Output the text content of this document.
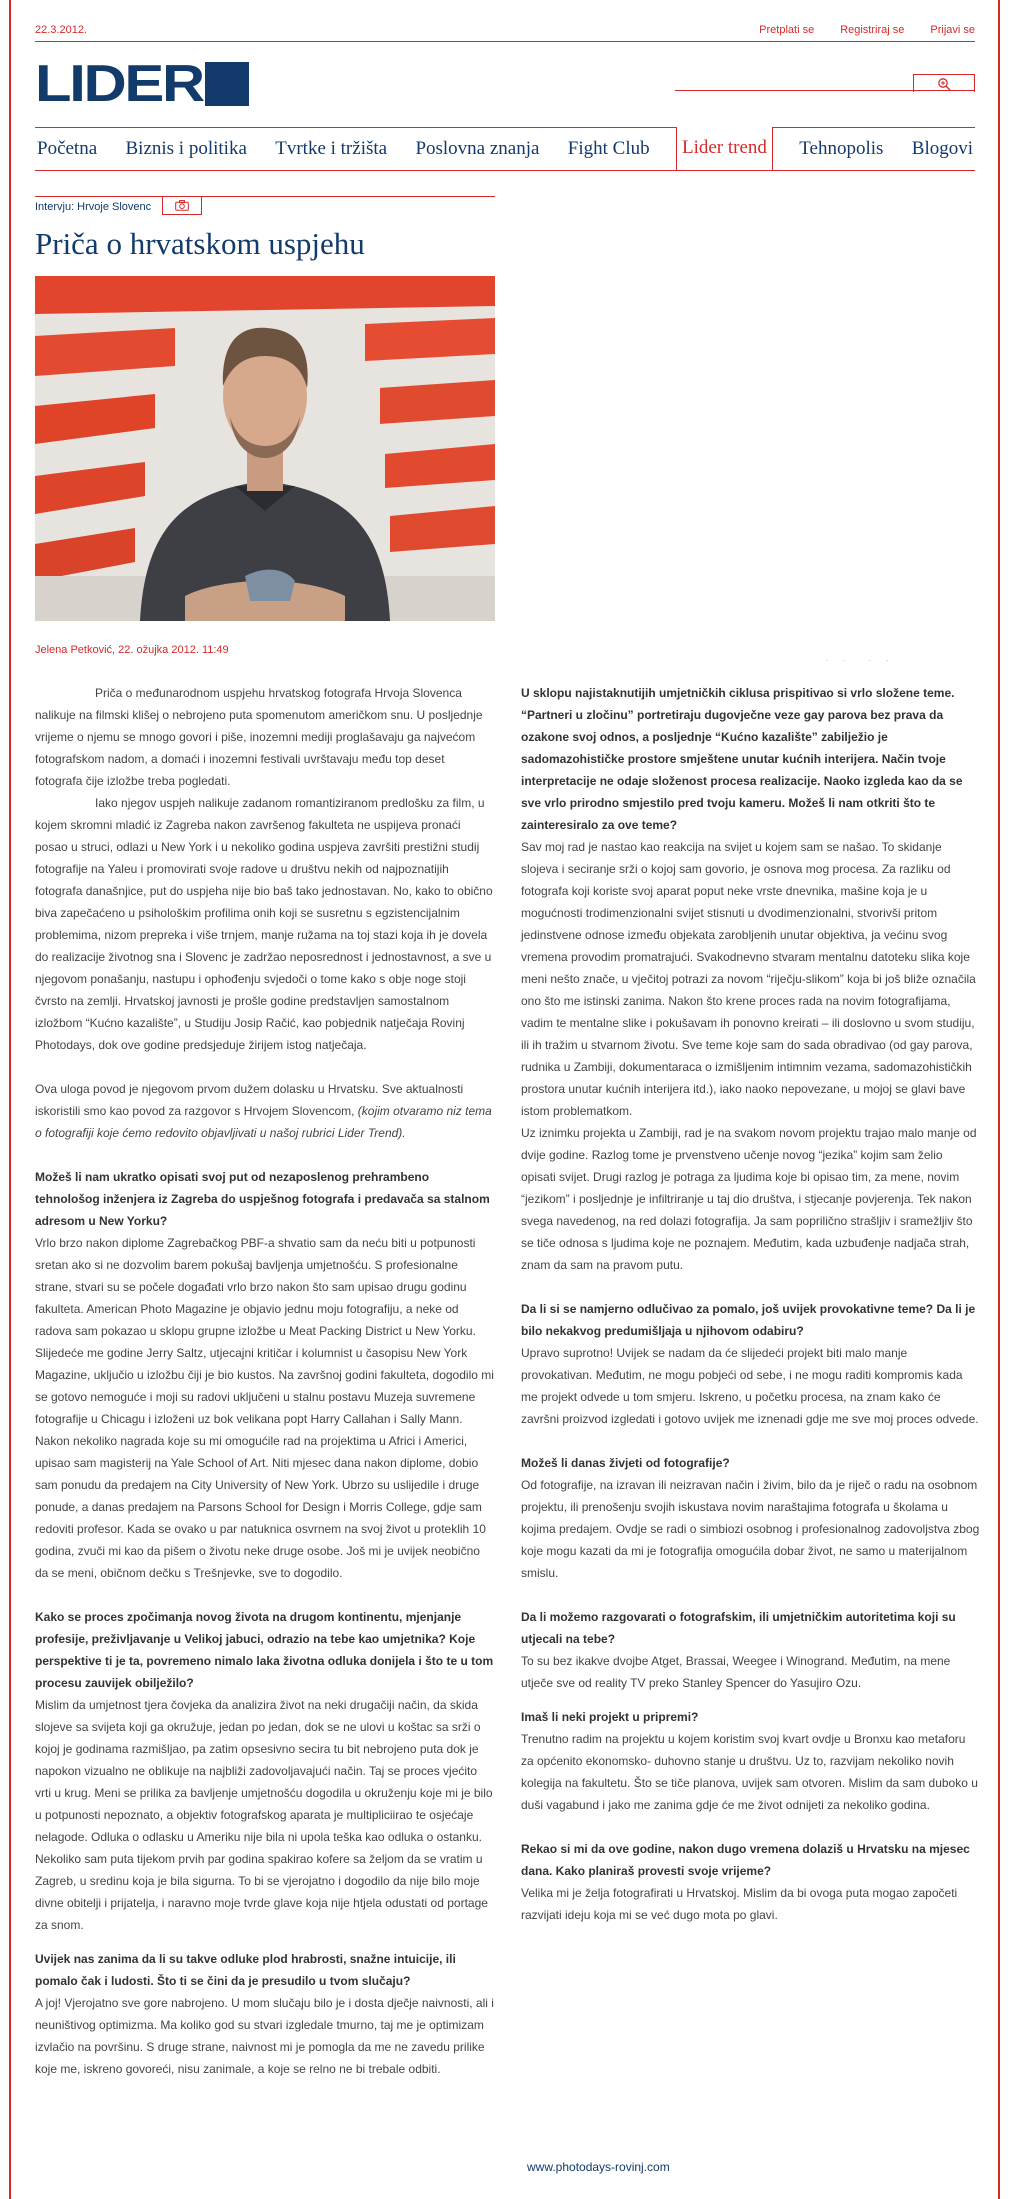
22.3.2012.	Pretplati se Registriraj se Prijavi se
LIDER
Početna Biznis i politika Tvrtke i tržišta Poslovna znanja Fight Club	Lider trend	Tehnopolis Blogovi
Intervju: Hrvoje Slovenc
Priča o hrvatskom uspjehu
Jelena Petković, 22. ožujka 2012. 11:49
· ·  · ·

Priča o međunarodnom uspjehu hrvatskog fotografa Hrvoja Slovenca nalikuje na filmski klišej o nebrojeno puta spomenutom američkom snu. U posljednje vrijeme o njemu se mnogo govori i piše, inozemni mediji proglašavaju ga najvećom fotografskom nadom, a domaći i inozemni festivali uvrštavaju među top deset fotografa čije izložbe treba pogledati.

Iako njegov uspjeh nalikuje zadanom romantiziranom predlošku za film, u kojem skromni mladić iz Zagreba nakon završenog fakulteta ne uspijeva pronaći posao u struci, odlazi u New York i u nekoliko godina uspjeva završiti prestižni studij fotografije na Yaleu i promovirati svoje radove u društvu nekih od najpoznatijih fotografa današnjice, put do uspjeha nije bio baš tako jednostavan. No, kako to obično biva zapečaćeno u psihološkim profilima onih koji se susretnu s egzistencijalnim problemima, nizom prepreka i više trnjem, manje ružama na toj stazi koja ih je dovela do realizacije životnog sna i Slovenc je zadržao neposrednost i jednostavnost, a sve u njegovom ponašanju, nastupu i ophođenju svjedoči o tome kako s obje noge stoji čvrsto na zemlji. Hrvatskoj javnosti je prošle godine predstavljen samostalnom izložbom “Kućno kazalište”, u Studiju Josip Račić, kao pobjednik natječaja Rovinj Photodays, dok ove godine predsjeduje žirijem istog natječaja.

Ova uloga povod je njegovom prvom dužem dolasku u Hrvatsku. Sve aktualnosti iskoristili smo kao povod za razgovor s Hrvojem Slovencom, (kojim otvaramo niz tema o fotografiji koje ćemo redovito objavljivati u našoj rubrici Lider Trend).

Možeš li nam ukratko opisati svoj put od nezaposlenog prehrambeno tehnološog inženjera iz Zagreba do uspješnog fotografa i predavača sa stalnom adresom u New Yorku?

Vrlo brzo nakon diplome Zagrebačkog PBF-a shvatio sam da neću biti u potpunosti sretan ako si ne dozvolim barem pokušaj bavljenja umjetnošću. S profesionalne strane, stvari su se počele događati vrlo brzo nakon što sam upisao drugu godinu fakulteta. American Photo Magazine je objavio jednu moju fotografiju, a neke od radova sam pokazao u sklopu grupne izložbe u Meat Packing District u New Yorku. Slijedeće me godine Jerry Saltz, utjecajni kritičar i kolumnist u časopisu New York Magazine, uključio u izložbu čiji je bio kustos. Na završnoj godini fakulteta, dogodilo mi se gotovo nemoguće i moji su radovi uključeni u stalnu postavu Muzeja suvremene fotografije u Chicagu i izloženi uz bok velikana popt Harry Callahan i Sally Mann. Nakon nekoliko nagrada koje su mi omogućile rad na projektima u Africi i Americi, upisao sam magisterij na Yale School of Art. Niti mjesec dana nakon diplome, dobio sam ponudu da predajem na City University of New York. Ubrzo su uslijedile i druge ponude, a danas predajem na Parsons School for Design i Morris College, gdje sam redoviti profesor. Kada se ovako u par natuknica osvrnem na svoj život u proteklih 10 godina, zvuči mi kao da pišem o životu neke druge osobe. Još mi je uvijek neobično da se meni, običnom dečku s Trešnjevke, sve to dogodilo.

Kako se proces zpočimanja novog života na drugom kontinentu, mjenjanje profesije, preživljavanje u Velikoj jabuci, odrazio na tebe kao umjetnika? Koje perspektive ti je ta, povremeno nimalo laka životna odluka donijela i što te u tom procesu zauvijek obilježilo?

Mislim da umjetnost tjera čovjeka da analizira život na neki drugačiji način, da skida slojeve sa svijeta koji ga okružuje, jedan po jedan, dok se ne ulovi u koštac sa srži o kojoj je godinama razmišljao, pa zatim opsesivno secira tu bit nebrojeno puta dok je napokon vizualno ne oblikuje na najbliži zadovoljavajući način. Taj se proces vjećito vrti u krug. Meni se prilika za bavljenje umjetnošću dogodila u okruženju koje mi je bilo u potpunosti nepoznato, a objektiv fotografskog aparata je multipliciirao te osjećaje nelagode. Odluka o odlasku u Ameriku nije bila ni upola teška kao odluka o ostanku. Nekoliko sam puta tijekom prvih par godina spakirao kofere sa željom da se vratim u Zagreb, u sredinu koja je bila sigurna. To bi se vjerojatno i dogodilo da nije bilo moje divne obitelji i prijatelja, i naravno moje tvrde glave koja nije htjela odustati od portage za snom.

Uvijek nas zanima da li su takve odluke plod hrabrosti, snažne intuicije, ili pomalo čak i ludosti. Što ti se čini da je presudilo u tvom slučaju?

A joj! Vjerojatno sve gore nabrojeno. U mom slučaju bilo je i dosta dječje naivnosti, ali i neuništivog optimizma. Ma koliko god su stvari izgledale tmurno, taj me je optimizam izvlačio na površinu. S druge strane, naivnost mi je pomogla da me ne zavedu prilike koje me, iskreno govoreći, nisu zanimale, a koje se relno ne bi trebale odbiti.

U sklopu najistaknutijih umjetničkih ciklusa prispitivao si vrlo složene teme. “Partneri u zločinu” portretiraju dugovječne veze gay parova bez prava da ozakone svoj odnos, a posljednje “Kućno kazalište” zabilježio je sadomazohističke prostore smještene unutar kućnih interijera. Način tvoje interpretacije ne odaje složenost procesa realizacije. Naoko izgleda kao da se sve vrlo prirodno smjestilo pred tvoju kameru. Možeš li nam otkriti što te zainteresiralo za ove teme?

Sav moj rad je nastao kao reakcija na svijet u kojem sam se našao. To skidanje slojeva i seciranje srži o kojoj sam govorio, je osnova mog procesa. Za razliku od fotografa koji koriste svoj aparat poput neke vrste dnevnika, mašine koja je u mogućnosti trodimenzionalni svijet stisnuti u dvodimenzionalni, stvorivši pritom jedinstvene odnose između objekata zarobljenih unutar objektiva, ja većinu svog vremena provodim promatrajući. Svakodnevno stvaram mentalnu datoteku slika koje meni nešto znače, u vječitoj potrazi za novom “riječju-slikom” koja bi još bliže označila ono što me istinski zanima. Nakon što krene proces rada na novim fotografijama, vadim te mentalne slike i pokušavam ih ponovno kreirati – ili doslovno u svom studiju, ili ih tražim u stvarnom životu. Sve teme koje sam do sada obradivao (od gay parova, rudnika u Zambiji, dokumentarаca o izmišljenim intimnim vezama, sadomazohističkih prostora unutar kućnih interijera itd.), iako naoko nepovezane, u mojoj se glavi bave istom problematkom.

Uz iznimku projekta u Zambiji, rad je na svakom novom projektu trajao malo manje od dvije godine. Razlog tome je prvenstveno učenje novog “jezika” kojim sam želio opisati svijet. Drugi razlog je potraga za ljudima koje bi opisao tim, za mene, novim “jezikom” i posljednje je infiltriranje u taj dio društva, i stjecanje povjerenja. Tek nakon svega navedenog, na red dolazi fotografija. Ja sam popriličnо strašljiv i sramežljiv što se tiče odnosa s ljudima koje ne poznajem. Međutim, kada uzbuđenje nadjača strah, znam da sam na pravom putu.

Da li si se namjerno odlučivao za pomalo, još uvijek provokativne teme? Da li je bilo nekakvog predumišljaja u njihovom odabiru?

Upravo suprotno! Uvijek se nadam da će slijedeći projekt biti malo manje provokativan. Međutim, ne mogu pobjeći od sebe, i ne mogu raditi kompromis kada me projekt odvede u tom smjeru. Iskreno, u početku procesa, na znam kako će završni proizvod izgledati i gotovo uvijek me iznenadi gdje me sve moj proces odvede.

Možeš li danas živjeti od fotografije?

Od fotografije, na izravan ili neizravan način i živim, bilo da je riječ o radu na osobnom projektu, ili prenošenju svojih iskustava novim naraštajima fotografa u školama u kojima predajem. Ovdje se radi o simbiozi osobnog i profesionalnog zadovoljstva zbog koje mogu kazati da mi je fotografija omogućila dobar život, ne samo u materijalnom smislu.

Da li možemo razgovarati o fotografskim, ili umjetničkim autoritetima koji su utjecali na tebe?

To su bez ikakve dvojbe Atget, Brassai, Weegee i Winogrand. Međutim, na mene utječe sve od reality TV preko Stanley Spencer do Yasujiro Ozu.

Imaš li neki projekt u pripremi?

Trenutno radim na projektu u kojem koristim svoj kvart ovdje u Bronxu kao metaforu za općenito ekonomsko- duhovno stanje u društvu. Uz to, razvijam nekoliko novih kolegija na fakultetu. Što se tiče planova, uvijek sam otvoren. Mislim da sam duboko u duši vagabund i jako me zanima gdje će me život odnijeti za nekoliko godina.

Rekao si mi da ove godine, nakon dugo vremena dolaziš u Hrvatsku na mjesec dana. Kako planiraš provesti svoje vrijeme?

Velika mi je želja fotografirati u Hrvatskoj. Mislim da bi ovoga puta mogao započeti razvijati ideju koja mi se već dugo mota po glavi.

www.photodays-rovinj.com
